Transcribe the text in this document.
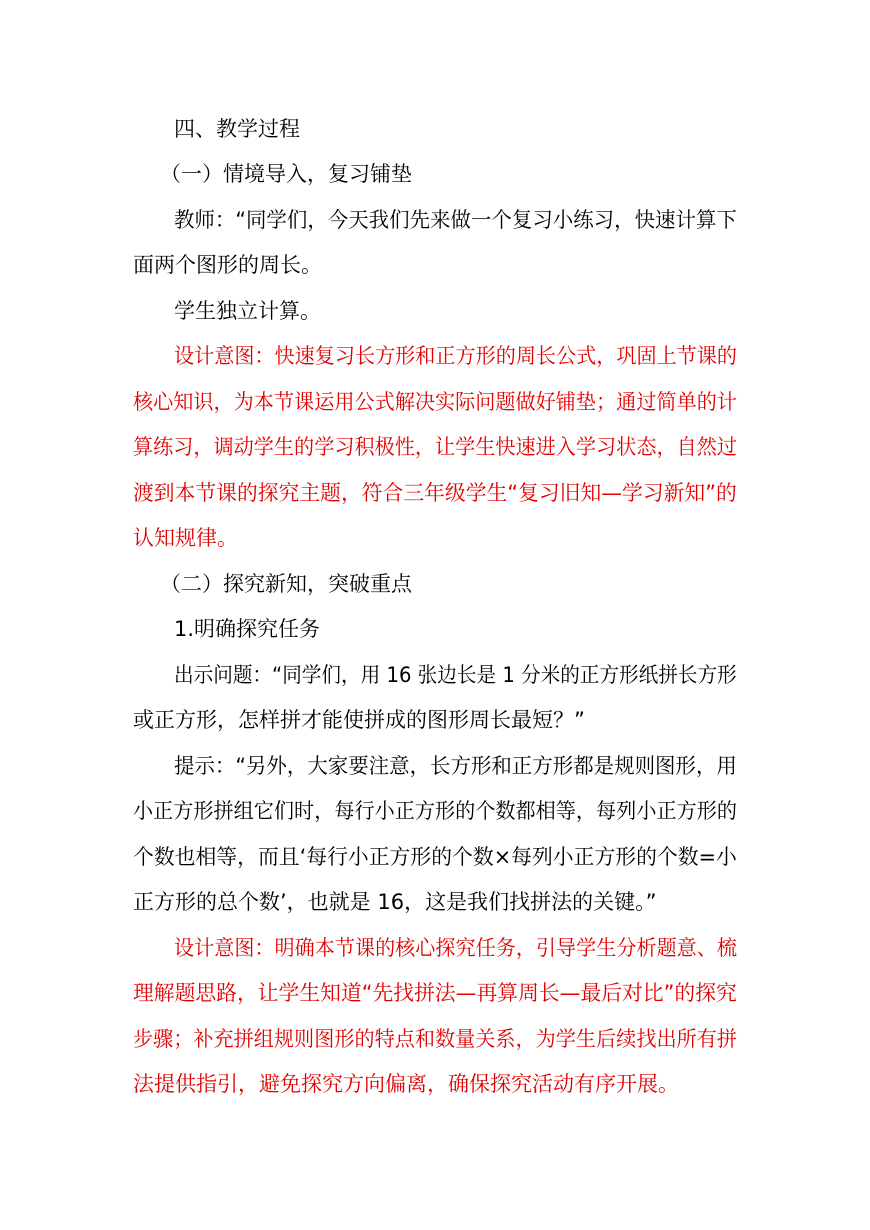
四、教学过程
（一）情境导入，复习铺垫
教师：“同学们，今天我们先来做一个复习小练习，快速计算下
面两个图形的周长。
学生独立计算。
设计意图：快速复习长方形和正方形的周长公式，巩固上节课的
核心知识，为本节课运用公式解决实际问题做好铺垫；通过简单的计
算练习，调动学生的学习积极性，让学生快速进入学习状态，自然过
渡到本节课的探究主题，符合三年级学生“复习旧知—学习新知”的
认知规律。
（二）探究新知，突破重点
1.明确探究任务
出示问题：“同学们，用 16 张边长是 1 分米的正方形纸拼长方形
或正方形，怎样拼才能使拼成的图形周长最短？”
提示：“另外，大家要注意，长方形和正方形都是规则图形，用
小正方形拼组它们时，每行小正方形的个数都相等，每列小正方形的
个数也相等，而且‘每行小正方形的个数×每列小正方形的个数=小
正方形的总个数’，也就是 16，这是我们找拼法的关键。”
设计意图：明确本节课的核心探究任务，引导学生分析题意、梳
理解题思路，让学生知道“先找拼法—再算周长—最后对比”的探究
步骤；补充拼组规则图形的特点和数量关系，为学生后续找出所有拼
法提供指引，避免探究方向偏离，确保探究活动有序开展。
